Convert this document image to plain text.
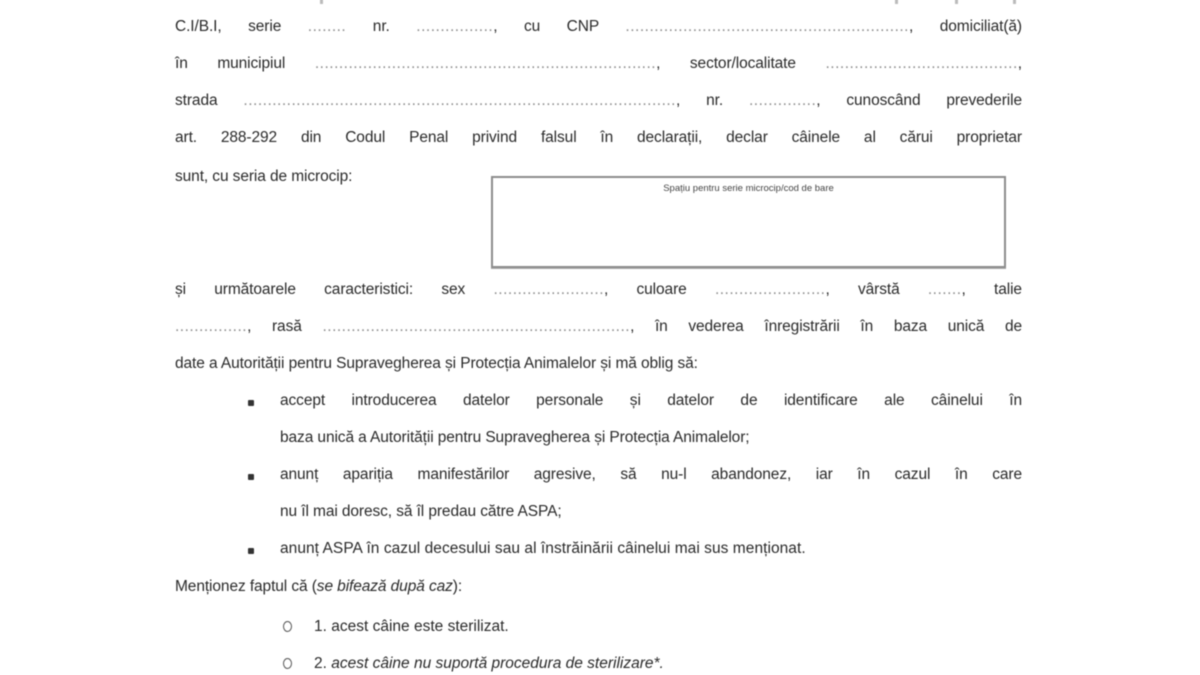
C.I/B.I, serie ........ nr. ................, cu CNP ..........................................................., domiciliat(ă)
în municipiul ......................................................................., sector/localitate ........................................,
strada .........................................................................................., nr. .............., cunoscând prevederile
art. 288-292 din Codul Penal privind falsul în declarații, declar câinele al cărui proprietar
sunt, cu seria de microcip:
Spațiu pentru serie microcip/cod de bare
și următoarele caracteristici: sex ......................., culoare ......................., vârstă ......., talie
..............., rasă ................................................................, în vederea înregistrării în baza unică de
date a Autorității pentru Supravegherea și Protecția Animalelor și mă oblig să:
accept introducerea datelor personale și datelor de identificare ale câinelui în
baza unică a Autorității pentru Supravegherea și Protecția Animalelor;
anunț apariția manifestărilor agresive, să nu-l abandonez, iar în cazul în care
nu îl mai doresc, să îl predau către ASPA;
anunț ASPA în cazul decesului sau al înstrăinării câinelui mai sus menționat.
Menționez faptul că (se bifează după caz):
1. acest câine este sterilizat.
2. acest câine nu suportă procedura de sterilizare*.
